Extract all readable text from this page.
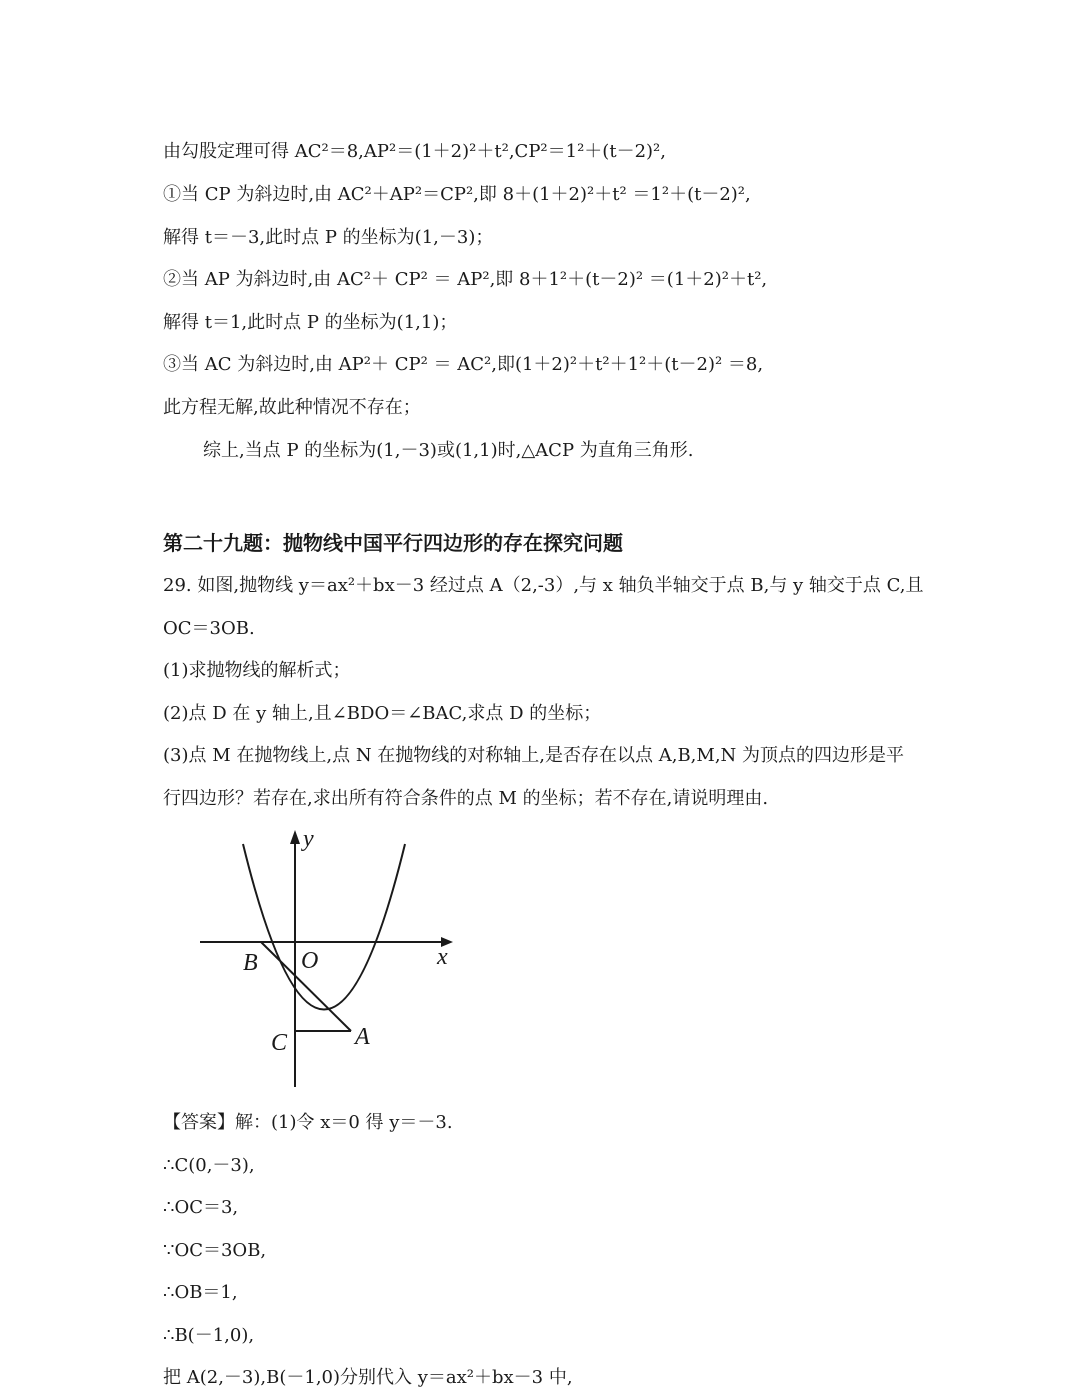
由勾股定理可得 AC²＝8,AP²＝(1＋2)²＋t²,CP²＝1²＋(t－2)²,
①当 CP 为斜边时,由 AC²＋AP²＝CP²,即 8＋(1＋2)²＋t² ＝1²＋(t－2)²,
解得 t＝－3,此时点 P 的坐标为(1,－3)；
②当 AP 为斜边时,由 AC²＋ CP² ＝ AP²,即 8＋1²＋(t－2)² ＝(1＋2)²＋t²,
解得 t＝1,此时点 P 的坐标为(1,1)；
③当 AC 为斜边时,由 AP²＋ CP² ＝ AC²,即(1＋2)²＋t²＋1²＋(t－2)² ＝8,
此方程无解,故此种情况不存在；
综上,当点 P 的坐标为(1,－3)或(1,1)时,△ACP 为直角三角形.
第二十九题：抛物线中国平行四边形的存在探究问题
29. 如图,抛物线 y＝ax²＋bx－3 经过点 A（2,-3）,与 x 轴负半轴交于点 B,与 y 轴交于点 C,且
OC＝3OB.
(1)求抛物线的解析式；
(2)点 D 在 y 轴上,且∠BDO＝∠BAC,求点 D 的坐标；
(3)点 M 在抛物线上,点 N 在抛物线的对称轴上,是否存在以点 A,B,M,N 为顶点的四边形是平
行四边形？若存在,求出所有符合条件的点 M 的坐标；若不存在,请说明理由.
y
x
B O
C	A
【答案】解：(1)令 x＝0 得 y＝－3.
∴C(0,－3),
∴OC＝3,
∵OC＝3OB,
∴OB＝1,
∴B(－1,0),
把 A(2,－3),B(－1,0)分别代入 y＝ax²＋bx－3 中,
